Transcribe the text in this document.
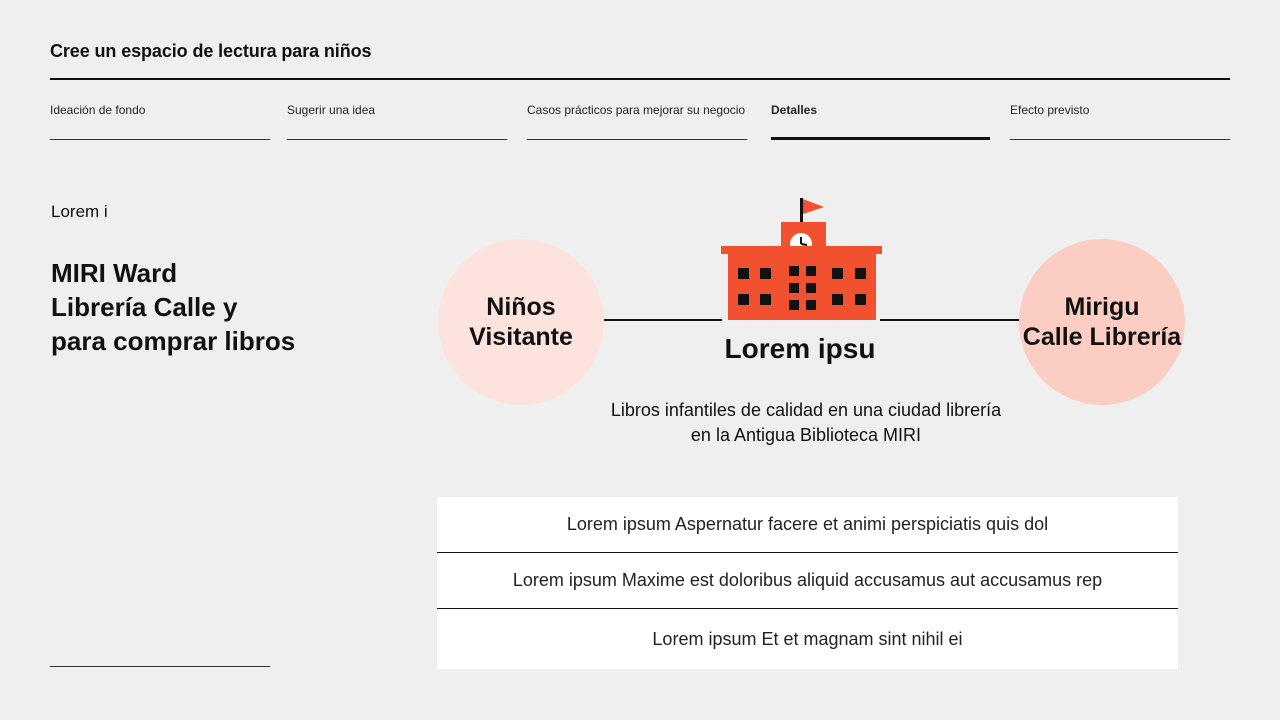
Cree un espacio de lectura para niños
Ideación de fondo	Sugerir una idea	Casos prácticos para mejorar su negocio Detalles	Efecto previsto
Lorem i
MIRI Ward
Librería Calle y
para comprar libros
Niños
Visitante
Mirigu
Calle Librería
Lorem ipsu
Libros infantiles de calidad en una ciudad librería
en la Antigua Biblioteca MIRI
Lorem ipsum Aspernatur facere et animi perspiciatis quis dol
Lorem ipsum Maxime est doloribus aliquid accusamus aut accusamus rep
Lorem ipsum Et et magnam sint nihil ei
